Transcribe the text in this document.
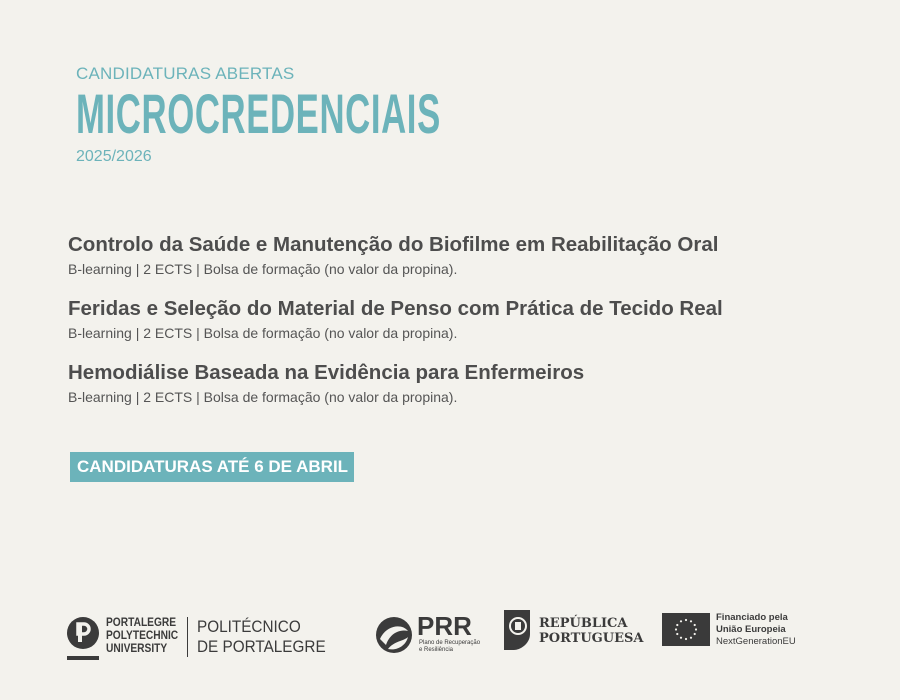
CANDIDATURAS ABERTAS
MICROCREDENCIAIS
2025/2026
Controlo da Saúde e Manutenção do Biofilme em Reabilitação Oral
B-learning | 2 ECTS | Bolsa de formação (no valor da propina).
Feridas e Seleção do Material de Penso com Prática de Tecido Real
B-learning | 2 ECTS | Bolsa de formação (no valor da propina).
Hemodiálise Baseada na Evidência para Enfermeiros
B-learning | 2 ECTS | Bolsa de formação (no valor da propina).
CANDIDATURAS ATÉ 6 DE ABRIL
PORTALEGRE
POLYTECHNIC
UNIVERSITY
POLITÉCNICO
DE PORTALEGRE
PRR
Plano de Recuperação
e Resiliência
REPÚBLICA
PORTUGUESA
Financiado pela
União Europeia
NextGenerationEU
